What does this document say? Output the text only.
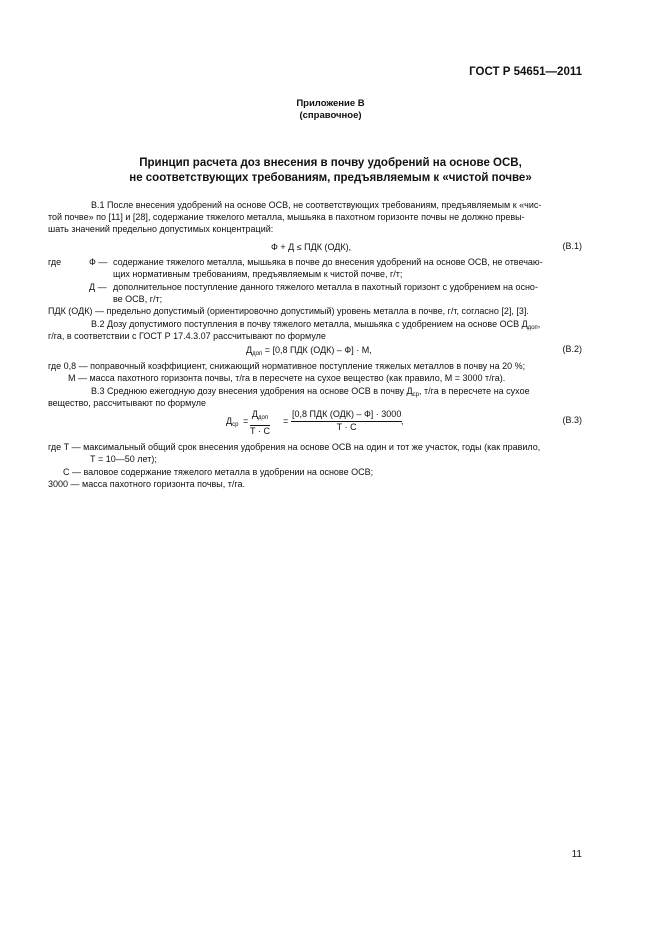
ГОСТ Р 54651—2011
Приложение В
(справочное)
Принцип расчета доз внесения в почву удобрений на основе ОСВ,
не соответствующих требованиям, предъявляемым к «чистой почве»
В.1 После внесения удобрений на основе ОСВ, не соответствующих требованиям, предъявляемым к «чис-
той почве» по [11] и [28], содержание тяжелого металла, мышьяка в пахотном горизонте почвы не должно превы-
шать значений предельно допустимых концентраций:
Ф + Д ≤ ПДК (ОДК),	(В.1)
где	Ф — содержание тяжелого металла, мышьяка в почве до внесения удобрений на основе ОСВ, не отвечаю-
щих нормативным требованиям, предъявляемым к чистой почве, г/т;
Д — дополнительное поступление данного тяжелого металла в пахотный горизонт с удобрением на осно-
ве ОСВ, г/т;
ПДК (ОДК) — предельно допустимый (ориентировочно допустимый) уровень металла в почве, г/т, согласно [2], [3].
В.2 Дозу допустимого поступления в почву тяжелого металла, мышьяка с удобрением на основе ОСВ $Д_{доп}$,
г/га, в соответствии с ГОСТ Р 17.4.3.07 рассчитывают по формуле
$Д_{доп} = [0,8$ ПДК (ОДК) – Ф] · М,	(В.2)
где 0,8 — поправочный коэффициент, снижающий нормативное поступление тяжелых металлов в почву на 20 %;
М — масса пахотного горизонта почвы, т/га в пересчете на сухое вещество (как правило, М = 3000 т/га).
В.3 Среднюю ежегодную дозу внесения удобрения на основе ОСВ в почву $Д_{ср}$, т/га в пересчете на сухое
вещество, рассчитывают по формуле
$Д_{ср}$ =
$Д_{доп}$
Т · С
=
[0,8 ПДК (ОДК) – Ф] · 3000
Т · С
,	(В.3)
где Т — максимальный общий срок внесения удобрения на основе ОСВ на один и тот же участок, годы (как правило,
Т = 10—50 лет);
С — валовое содержание тяжелого металла в удобрении на основе ОСВ;
3000 — масса пахотного горизонта почвы, т/га.
11
